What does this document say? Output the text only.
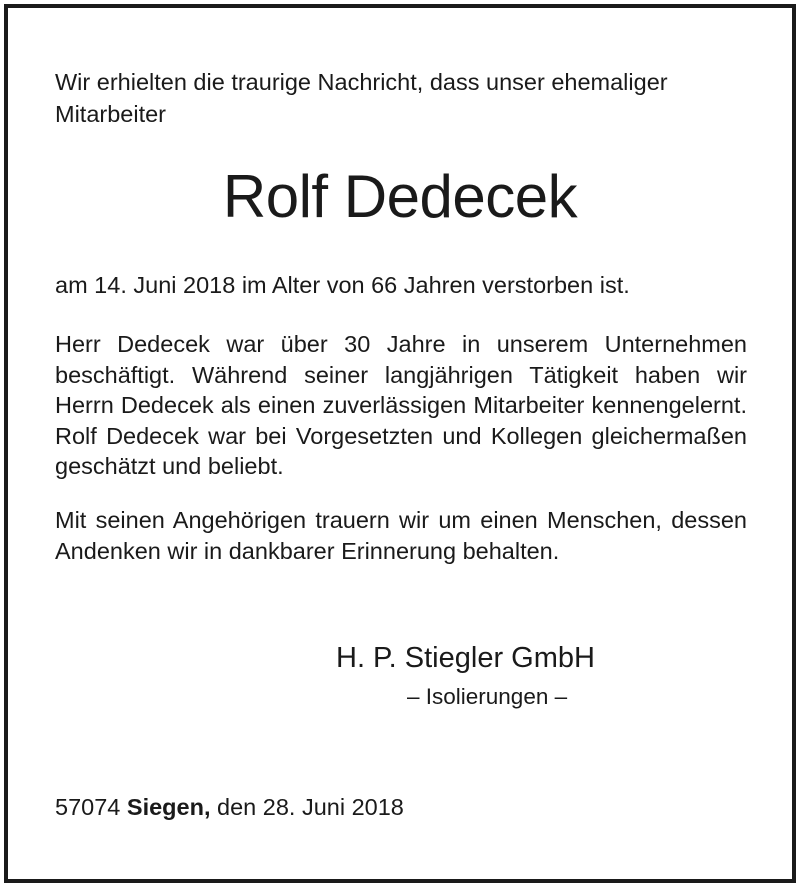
Wir erhielten die traurige Nachricht, dass unser ehemaliger Mitarbeiter

Rolf Dedecek

am 14. Juni 2018 im Alter von 66 Jahren verstorben ist.

Herr Dedecek war über 30 Jahre in unserem Unternehmen beschäftigt. Während seiner langjährigen Tätigkeit haben wir Herrn Dedecek als einen zuverlässigen Mitarbeiter kennengelernt. Rolf Dedecek war bei Vorgesetzten und Kollegen gleichermaßen geschätzt und beliebt.

Mit seinen Angehörigen trauern wir um einen Menschen, dessen Andenken wir in dankbarer Erinnerung behalten.

H. P. Stiegler GmbH

– Isolierungen –

57074 Siegen, den 28. Juni 2018
